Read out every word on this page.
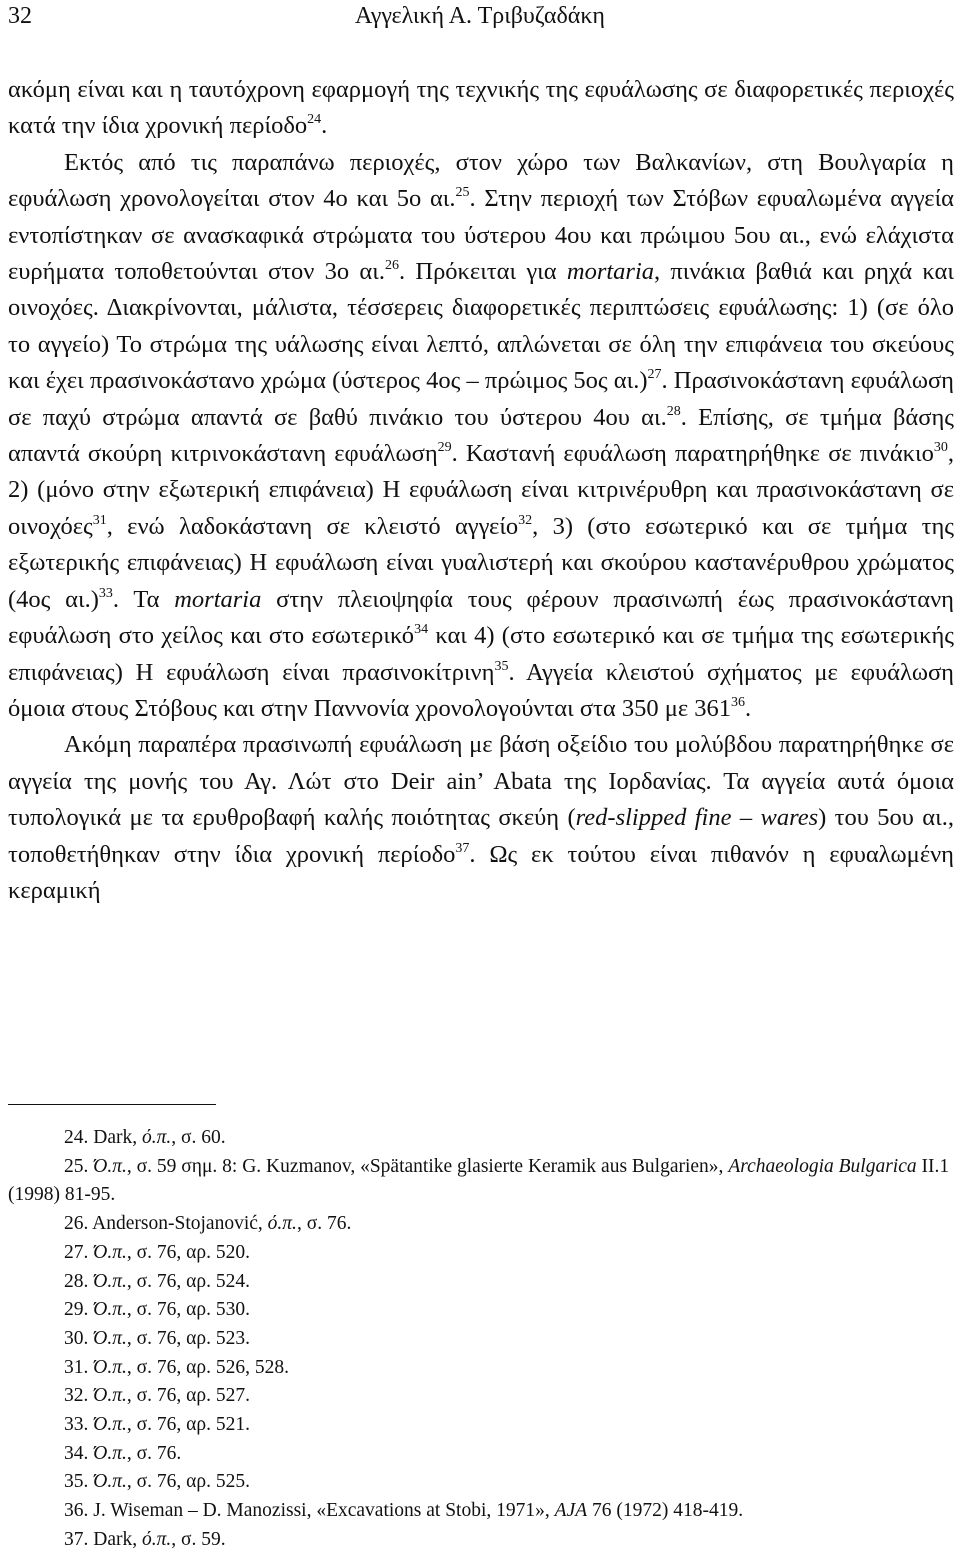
32	Αγγελική Α. Τριβυζαδάκη

ακόμη είναι και η ταυτόχρονη εφαρμογή της τεχνικής της εφυάλωσης σε διαφορετικές περιοχές κατά την ίδια χρονική περίοδο$^{24}$.

Εκτός από τις παραπάνω περιοχές, στον χώρο των Βαλκανίων, στη Βουλγαρία η εφυάλωση χρονολογείται στον 4ο και 5ο αι.$^{25}$. Στην περιοχή των Στόβων εφυαλωμένα αγγεία εντοπίστηκαν σε ανασκαφικά στρώματα του ύστερου 4ου και πρώιμου 5ου αι., ενώ ελάχιστα ευρήματα τοποθετούνται στον 3ο αι.$^{26}$. Πρόκειται για mortaria, πινάκια βαθιά και ρηχά και οινοχόες. Διακρίνονται, μάλιστα, τέσσερεις διαφορετικές περιπτώσεις εφυάλωσης: 1) (σε όλο το αγγείο) Το στρώμα της υάλωσης είναι λεπτό, απλώνεται σε όλη την επιφάνεια του σκεύους και έχει πρασινοκάστανο χρώμα (ύστερος 4ος – πρώιμος 5ος αι.)$^{27}$. Πρασινοκάστανη εφυάλωση σε παχύ στρώμα απαντά σε βαθύ πινάκιο του ύστερου 4ου αι.$^{28}$. Επίσης, σε τμήμα βάσης απαντά σκούρη κιτρινοκάστανη εφυάλωση$^{29}$. Καστανή εφυάλωση παρατηρήθηκε σε πινάκιο$^{30}$, 2) (μόνο στην εξωτερική επιφάνεια) Η εφυάλωση είναι κιτρινέρυθρη και πρασινοκάστανη σε οινοχόες$^{31}$, ενώ λαδοκάστανη σε κλειστό αγγείο$^{32}$, 3) (στο εσωτερικό και σε τμήμα της εξωτερικής επιφάνειας) Η εφυάλωση είναι γυαλιστερή και σκούρου καστανέρυθρου χρώματος (4ος αι.)$^{33}$. Τα mortaria στην πλειοψηφία τους φέρουν πρασινωπή έως πρασινοκάστανη εφυάλωση στο χείλος και στο εσωτερικό$^{34}$ και 4) (στο εσωτερικό και σε τμήμα της εσωτερικής επιφάνειας) Η εφυάλωση είναι πρασινοκίτρινη$^{35}$. Αγγεία κλειστού σχήματος με εφυάλωση όμοια στους Στόβους και στην Παννονία χρονολογούνται στα 350 με $361^{36}$.

Ακόμη παραπέρα πρασινωπή εφυάλωση με βάση οξείδιο του μολύβδου παρατηρήθηκε σε αγγεία της μονής του Αγ. Λώτ στο Deir ain’ Abata της Ιορδανίας. Τα αγγεία αυτά όμοια τυπολογικά με τα ερυθροβαφή καλής ποιότητας σκεύη (red-slipped fine – wares) του 5ου αι., τοποθετήθηκαν στην ίδια χρονική περίοδο$^{37}$. Ως εκ τούτου είναι πιθανόν η εφυαλωμένη κεραμική

24. Dark, ό.π., σ. 60.

25. Ό.π., σ. 59 σημ. 8: G. Kuzmanov, «Spätantike glasierte Keramik aus Bulgarien», Archaeologia Bulgarica II.1 (1998) 81-95.

26. Anderson-Stojanović, ό.π., σ. 76.

27. Ό.π., σ. 76, αρ. 520.

28. Ό.π., σ. 76, αρ. 524.

29. Ό.π., σ. 76, αρ. 530.

30. Ό.π., σ. 76, αρ. 523.

31. Ό.π., σ. 76, αρ. 526, 528.

32. Ό.π., σ. 76, αρ. 527.

33. Ό.π., σ. 76, αρ. 521.

34. Ό.π., σ. 76.

35. Ό.π., σ. 76, αρ. 525.

36. J. Wiseman – D. Manozissi, «Excavations at Stobi, 1971», AJA 76 (1972) 418-419.

37. Dark, ό.π., σ. 59.
